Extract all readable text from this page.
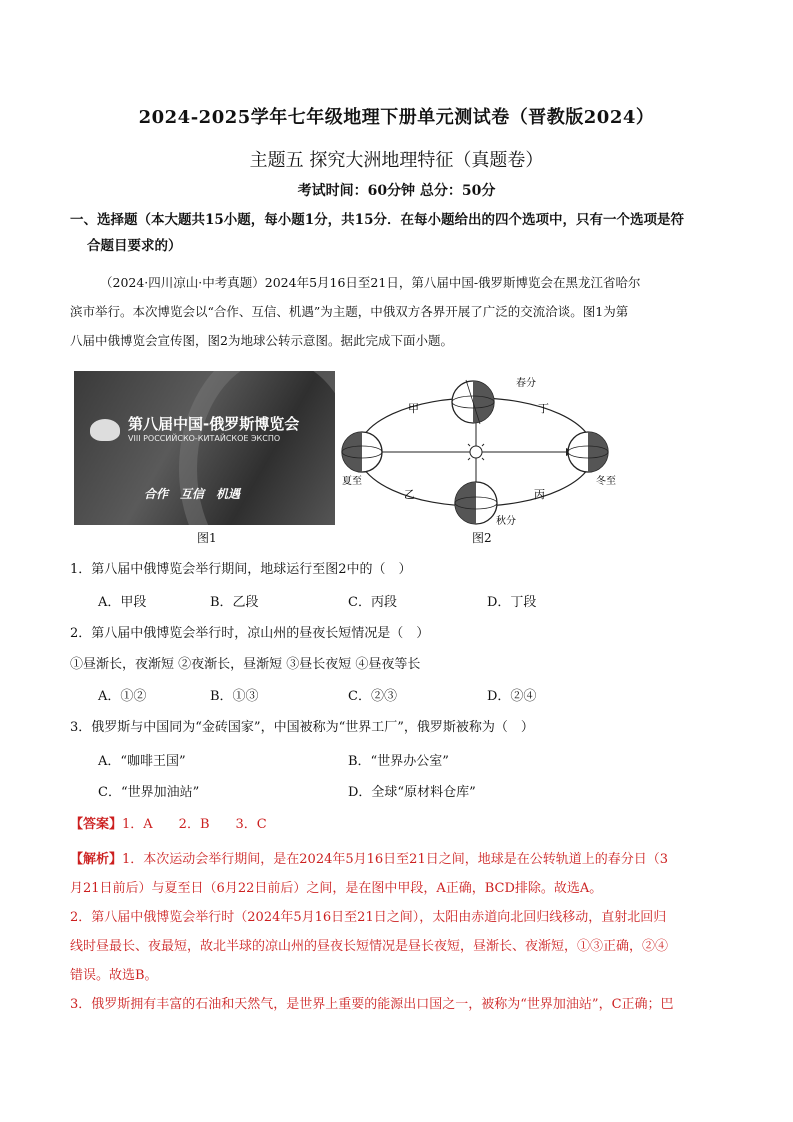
2024-2025学年七年级地理下册单元测试卷（晋教版2024）
主题五 探究大洲地理特征（真题卷）
考试时间：60分钟 总分：50分
一、选择题（本大题共15小题，每小题1分，共15分．在每小题给出的四个选项中，只有一个选项是符
合题目要求的）
（2024·四川凉山·中考真题）2024年5月16日至21日，第八届中国-俄罗斯博览会在黑龙江省哈尔
滨市举行。本次博览会以“合作、互信、机遇”为主题，中俄双方各界开展了广泛的交流洽谈。图1为第
八届中俄博览会宣传图，图2为地球公转示意图。据此完成下面小题。
第八届中国-俄罗斯博览会
VIII РОССИЙСКО-КИТАЙСКОЕ ЭКСПО
合作　互信　机遇
图1
春分
夏至
秋分
冬至
甲
乙	丙
丁
图2
1．第八届中俄博览会举行期间，地球运行至图2中的（　）
A．甲段	B．乙段	C．丙段	D．丁段
2．第八届中俄博览会举行时，凉山州的昼夜长短情况是（　）
①昼渐长，夜渐短 ②夜渐长，昼渐短 ③昼长夜短 ④昼夜等长
A．①②	B．①③	C．②③	D．②④
3．俄罗斯与中国同为“金砖国家”，中国被称为“世界工厂”，俄罗斯被称为（　）
A．“咖啡王国”	B．“世界办公室”
C．“世界加油站”	D．全球“原材料仓库”
【答案】1．A　　2．B　　3．C
【解析】1．本次运动会举行期间，是在2024年5月16日至21日之间，地球是在公转轨道上的春分日（3
月21日前后）与夏至日（6月22日前后）之间，是在图中甲段，A正确，BCD排除。故选A。
2．第八届中俄博览会举行时（2024年5月16日至21日之间），太阳由赤道向北回归线移动，直射北回归
线时昼最长、夜最短，故北半球的凉山州的昼夜长短情况是昼长夜短，昼渐长、夜渐短，①③正确，②④
错误。故选B。
3．俄罗斯拥有丰富的石油和天然气，是世界上重要的能源出口国之一，被称为“世界加油站”，C正确；巴
